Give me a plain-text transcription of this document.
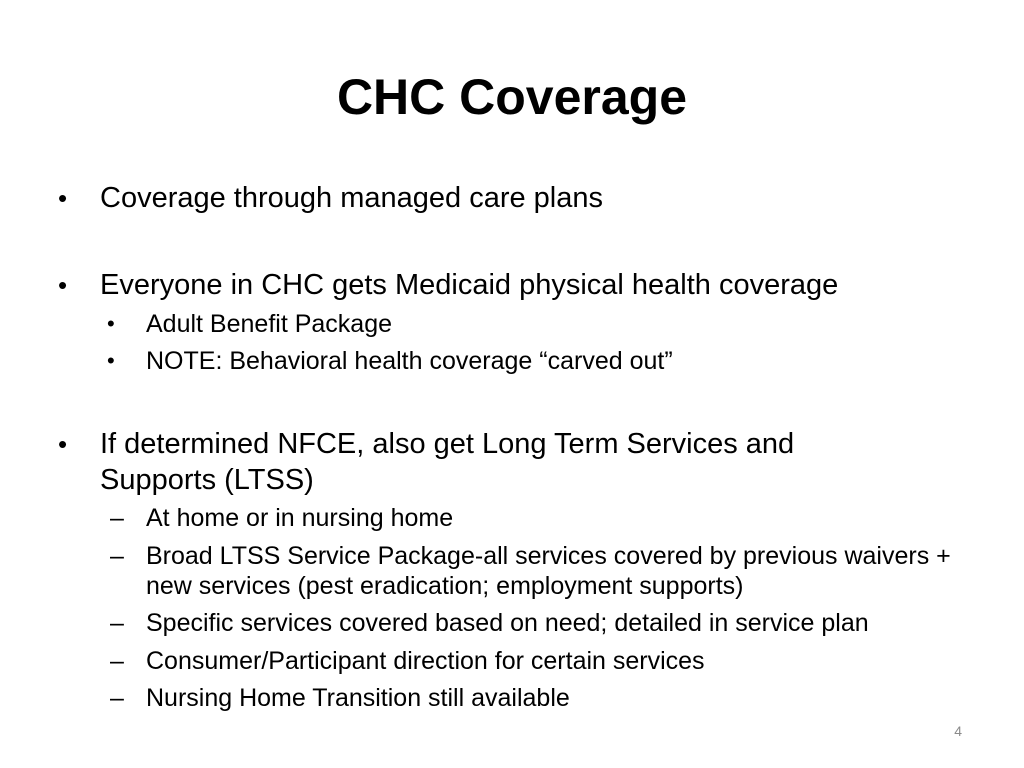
CHC Coverage
• Coverage through managed care plans
• Everyone in CHC gets Medicaid physical health coverage
• Adult Benefit Package
• NOTE: Behavioral health coverage “carved out”
• If determined NFCE, also get Long Term Services and Supports (LTSS)
– At home or in nursing home
– Broad LTSS Service Package-all services covered by previous waivers + new services (pest eradication; employment supports)
– Specific services covered based on need; detailed in service plan
– Consumer/Participant direction for certain services
– Nursing Home Transition still available
4
